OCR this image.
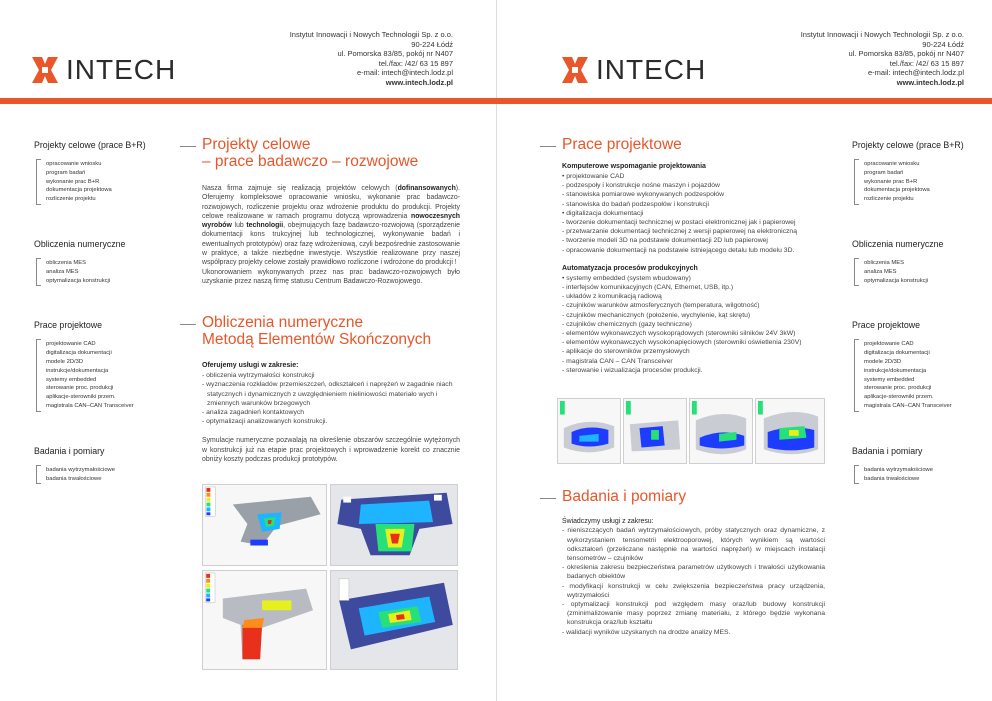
INTECH
Instytut Innowacji i Nowych Technologii Sp. z o.o.
90-224 Łódź
ul. Pomorska 83/85, pokój nr N407
tel./fax: /42/ 63 15 897
e-mail: intech@intech.lodz.pl
www.intech.lodz.pl	INTECH
Instytut Innowacji i Nowych Technologii Sp. z o.o.
90-224 Łódź
ul. Pomorska 83/85, pokój nr N407
tel./fax: /42/ 63 15 897
e-mail: intech@intech.lodz.pl
www.intech.lodz.pl
Projekty celowe (prace B+R)
opracowanie wniosku
program badań
wykonanie prac B+R
dokumentacja projektowa
rozliczenie projektu
Obliczenia numeryczne
obliczenia MES
analiza MES
optymalizacja konstrukcji
Prace projektowe
projektowanie CAD
digitalizacja dokumentacji
modele 2D/3D
instrukcje/dokumentacja
systemy embedded
sterowanie proc. produkcji
aplikacje-sterowniki przem.
magistrala CAN–CAN Transceiver
Badania i pomiary
badania wytrzymałościowe
badania trwałościowe
Projekty celowe (prace B+R)
opracowanie wniosku
program badań
wykonanie prac B+R
dokumentacja projektowa
rozliczenie projektu
Obliczenia numeryczne
obliczenia MES
analiza MES
optymalizacja konstrukcji
Prace projektowe
projektowanie CAD
digitalizacja dokumentacji
modele 2D/3D
instrukcje/dokumentacja
systemy embedded
sterowanie proc. produkcji
aplikacje-sterowniki przem.
magistrala CAN–CAN Transceiver
Badania i pomiary
badania wytrzymałościowe
badania trwałościowe
Projekty celowe
– prace badawczo – rozwojowe
Nasza firma zajmuje się realizacją projektów celowych (dofinansowanych). Oferujemy kompleksowe opracowanie wniosku, wykonanie prac badawczo-rozwojowych, rozliczenie projektu oraz wdrożenie produktu do produkcji. Projekty celowe realizowane w ramach programu dotyczą wprowadzenia nowoczesnych wyrobów lub technologii, obejmujących fazę badawczo-rozwojową (sporządzenie dokumentacji kons trukcyjnej lub technologicznej, wykonywanie badań i ewentualnych prototypów) oraz fazę wdrożeniową, czyli bezpośrednie zastosowanie w praktyce, a także niezbędne inwestycje. Wszystkie realizowane przy naszej współpracy projekty celowe zostały prawidłowo rozliczone i wdrożone do produkcji !
Ukonorowaniem wykonywanych przez nas prac badawczo-rozwojowych było uzyskanie przez naszą firmę statusu Centrum Badawczo-Rozwojowego.
Obliczenia numeryczne
Metodą Elementów Skończonych
Oferujemy usługi w zakresie:
- obliczenia wytrzymałości konstrukcji
- wyznaczenia rozkładów przemieszczeń, odkształceń i naprężeń w zagadnie niach statycznych i dynamicznych z uwzględnieniem nieliniowości materiało wych i zmiennych warunków brzegowych
- analiza zagadnień kontaktowych
- optymalizacji analizowanych konstrukcji.
Symulacje numeryczne pozwalają na określenie obszarów szczególnie wytężonych w konstrukcji już na etapie prac projektowych i wprowadzenie korekt co znacznie obniży koszty podczas produkcji prototypów.
Prace projektowe
Komputerowe wspomaganie projektowania
• projektowanie CAD
- podzespoły i konstrukcje nośne maszyn i pojazdów
- stanowiska pomiarowe wykonywanych podzespołów
- stanowiska do badań podzespołów i konstrukcji
• digitalizacja dokumentacji
- tworzenie dokumentacji technicznej w postaci elektronicznej jak i papierowej
- przetwarzanie dokumentacji technicznej z wersji papierowej na elektroniczną
- tworzenie modeli 3D na podstawie dokumentacji 2D lub papierowej
- opracowanie dokumentacji na podstawie istniejącego detalu lub modelu 3D.
Automatyzacja procesów produkcyjnych
• systemy embedded (system wbudowany)
- interfejsów komunikacyjnych (CAN, Ethernet, USB, itp.)
- układów z komunikacją radiową
- czujników warunków atmosferycznych (temperatura, wilgotność)
- czujników mechanicznych (położenie, wychylenie, kąt skrętu)
- czujników chemicznych (gazy techniczne)
- elementów wykonawczych wysokoprądowych (sterowniki silników 24V 3kW)
- elementów wykonawczych wysokonapięciowych (sterowniki oświetlenia 230V)
- aplikacje do sterowników przemysłowych
- magistrala CAN – CAN Transceiver
- sterowanie i wizualizacja procesów produkcji.
Badania i pomiary
Świadczymy usługi z zakresu:
- nieniszczących badań wytrzymałościowych, próby statycznych oraz dynamiczne, z wykorzystaniem tensometrii elektrooporowej, których wynikiem są wartości odkształceń (przeliczane następnie na wartości naprężeń) w miejscach instalacji tensometrów – czujników
- określenia zakresu bezpieczeństwa parametrów użytkowych i trwałości użytkowania badanych obiektów
- modyfikacji konstrukcji w celu zwiększenia bezpieczeństwa pracy urządzenia, wytrzymałości
- optymalizacji konstrukcji pod względem masy oraz/lub budowy konstrukcji (zminimalizowanie masy poprzez zmianę materiału, z którego będzie wykonana konstrukcja oraz/lub kształtu
- walidacji wyników uzyskanych na drodze analizy MES.
